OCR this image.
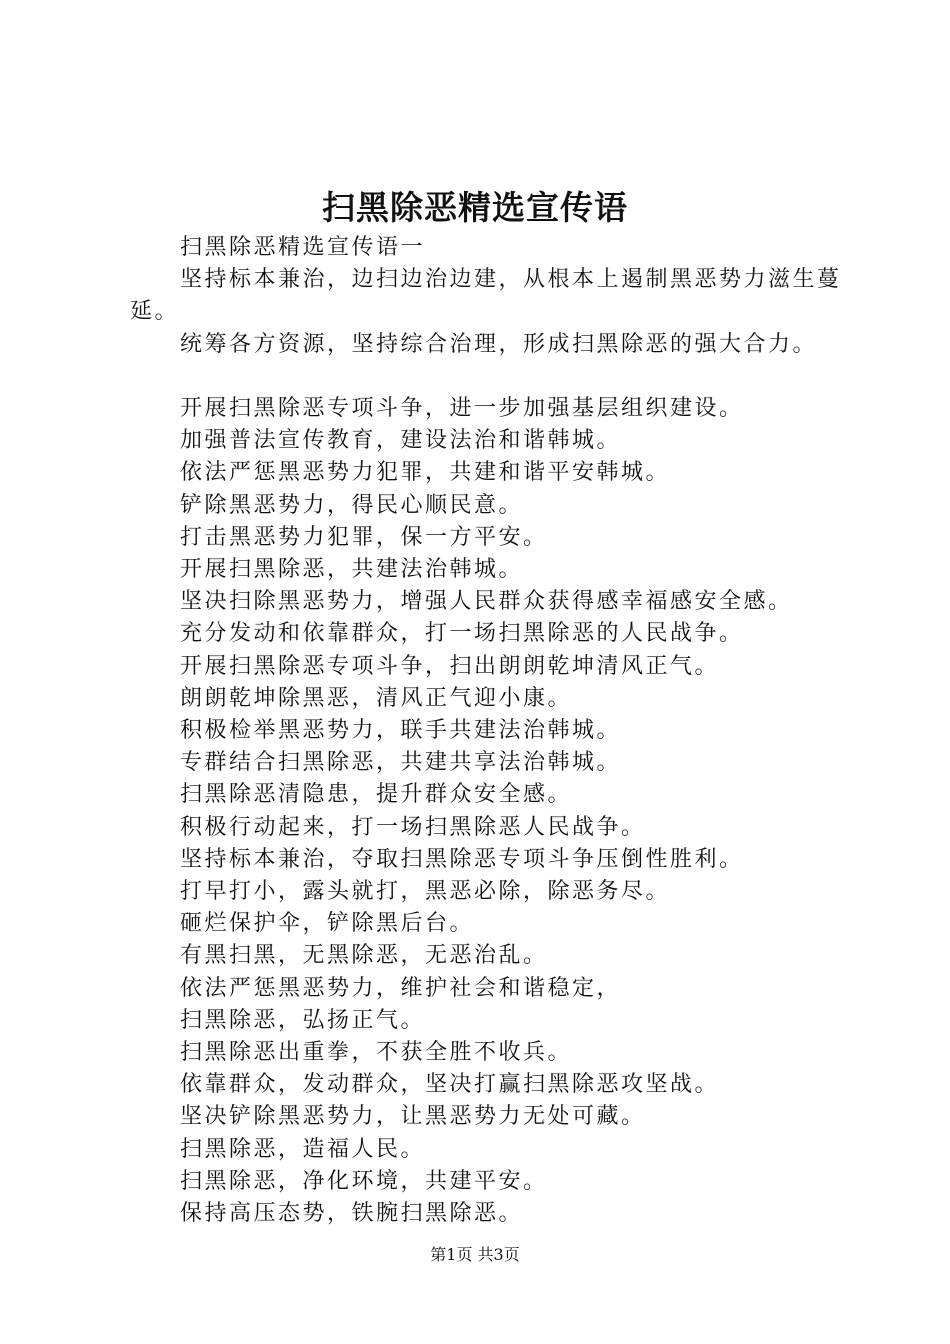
扫黑除恶精选宣传语

扫黑除恶精选宣传语一

坚持标本兼治，边扫边治边建，从根本上遏制黑恶势力滋生蔓延。

统筹各方资源，坚持综合治理，形成扫黑除恶的强大合力。

开展扫黑除恶专项斗争，进一步加强基层组织建设。

加强普法宣传教育，建设法治和谐韩城。

依法严惩黑恶势力犯罪，共建和谐平安韩城。

铲除黑恶势力，得民心顺民意。

打击黑恶势力犯罪，保一方平安。

开展扫黑除恶，共建法治韩城。

坚决扫除黑恶势力，增强人民群众获得感幸福感安全感。

充分发动和依靠群众，打一场扫黑除恶的人民战争。

开展扫黑除恶专项斗争，扫出朗朗乾坤清风正气。

朗朗乾坤除黑恶，清风正气迎小康。

积极检举黑恶势力，联手共建法治韩城。

专群结合扫黑除恶，共建共享法治韩城。

扫黑除恶清隐患，提升群众安全感。

积极行动起来，打一场扫黑除恶人民战争。

坚持标本兼治，夺取扫黑除恶专项斗争压倒性胜利。

打早打小，露头就打，黑恶必除，除恶务尽。

砸烂保护伞，铲除黑后台。

有黑扫黑，无黑除恶，无恶治乱。

依法严惩黑恶势力，维护社会和谐稳定，

扫黑除恶，弘扬正气。

扫黑除恶出重拳，不获全胜不收兵。

依靠群众，发动群众，坚决打赢扫黑除恶攻坚战。

坚决铲除黑恶势力，让黑恶势力无处可藏。

扫黑除恶，造福人民。

扫黑除恶，净化环境，共建平安。

保持高压态势，铁腕扫黑除恶。

第1页 共3页
